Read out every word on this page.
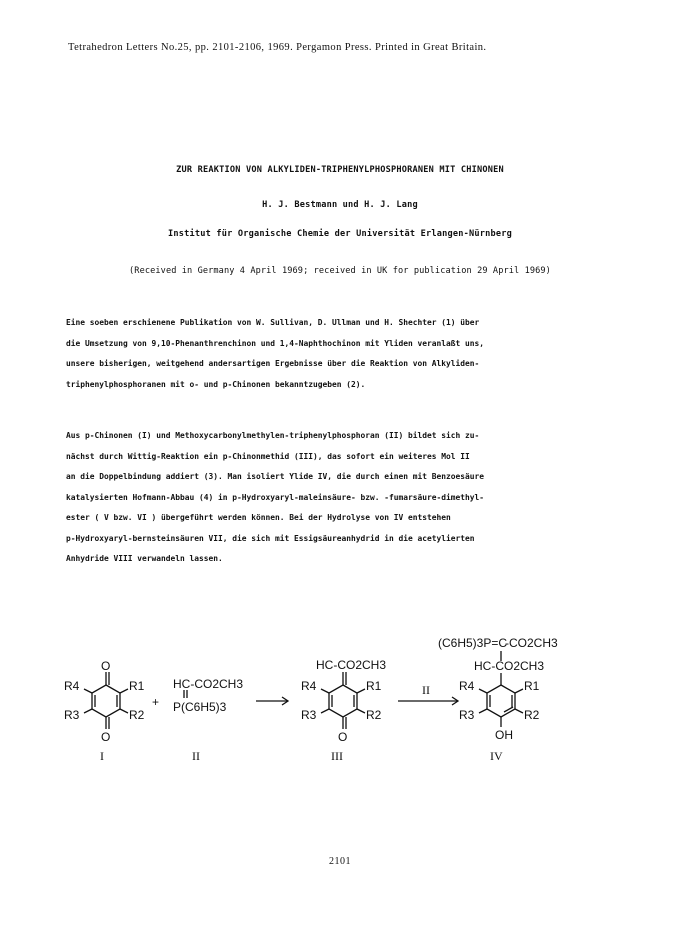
Tetrahedron Letters No.25, pp. 2101-2106, 1969. Pergamon Press. Printed in Great Britain.
ZUR REAKTION VON ALKYLIDEN-TRIPHENYLPHOSPHORANEN MIT CHINONEN
H. J. Bestmann und H. J. Lang
Institut für Organische Chemie der Universität Erlangen-Nürnberg
(Received in Germany 4 April 1969; received in UK for publication 29 April 1969)
Eine soeben erschienene Publikation von W. Sullivan, D. Ullman und H. Shechter (1) über
die Umsetzung von 9,10-Phenanthrenchinon und 1,4-Naphthochinon mit Yliden veranlaßt uns,
unsere bisherigen, weitgehend andersartigen Ergebnisse über die Reaktion von Alkyliden-
triphenylphosphoranen mit o- und p-Chinonen bekanntzugeben (2).
Aus p-Chinonen (I) und Methoxycarbonylmethylen-triphenylphosphoran (II) bildet sich zu-
nächst durch Wittig-Reaktion ein p-Chinonmethid (III), das sofort ein weiteres Mol II
an die Doppelbindung addiert (3). Man isoliert Ylide IV, die durch einen mit Benzoesäure
katalysierten Hofmann-Abbau (4) in p-Hydroxyaryl-maleinsäure- bzw. -fumarsäure-dimethyl-
ester ( V bzw. VI ) übergeführt werden können. Bei der Hydrolyse von IV entstehen
p-Hydroxyaryl-bernsteinsäuren VII, die sich mit Essigsäureanhydrid in die acetylierten
Anhydride VIII verwandeln lassen.
O
O
R1
R2
R3
R4
I
+
HC-CO2CH3
P(C6H5)3
II
HC-CO2CH3
O
R1
R2
R3
R4
III
II
(C6H5)3P=C
-CO2CH3
HC-CO2CH3
OH
R1
R2
R3
R4
IV
2101
